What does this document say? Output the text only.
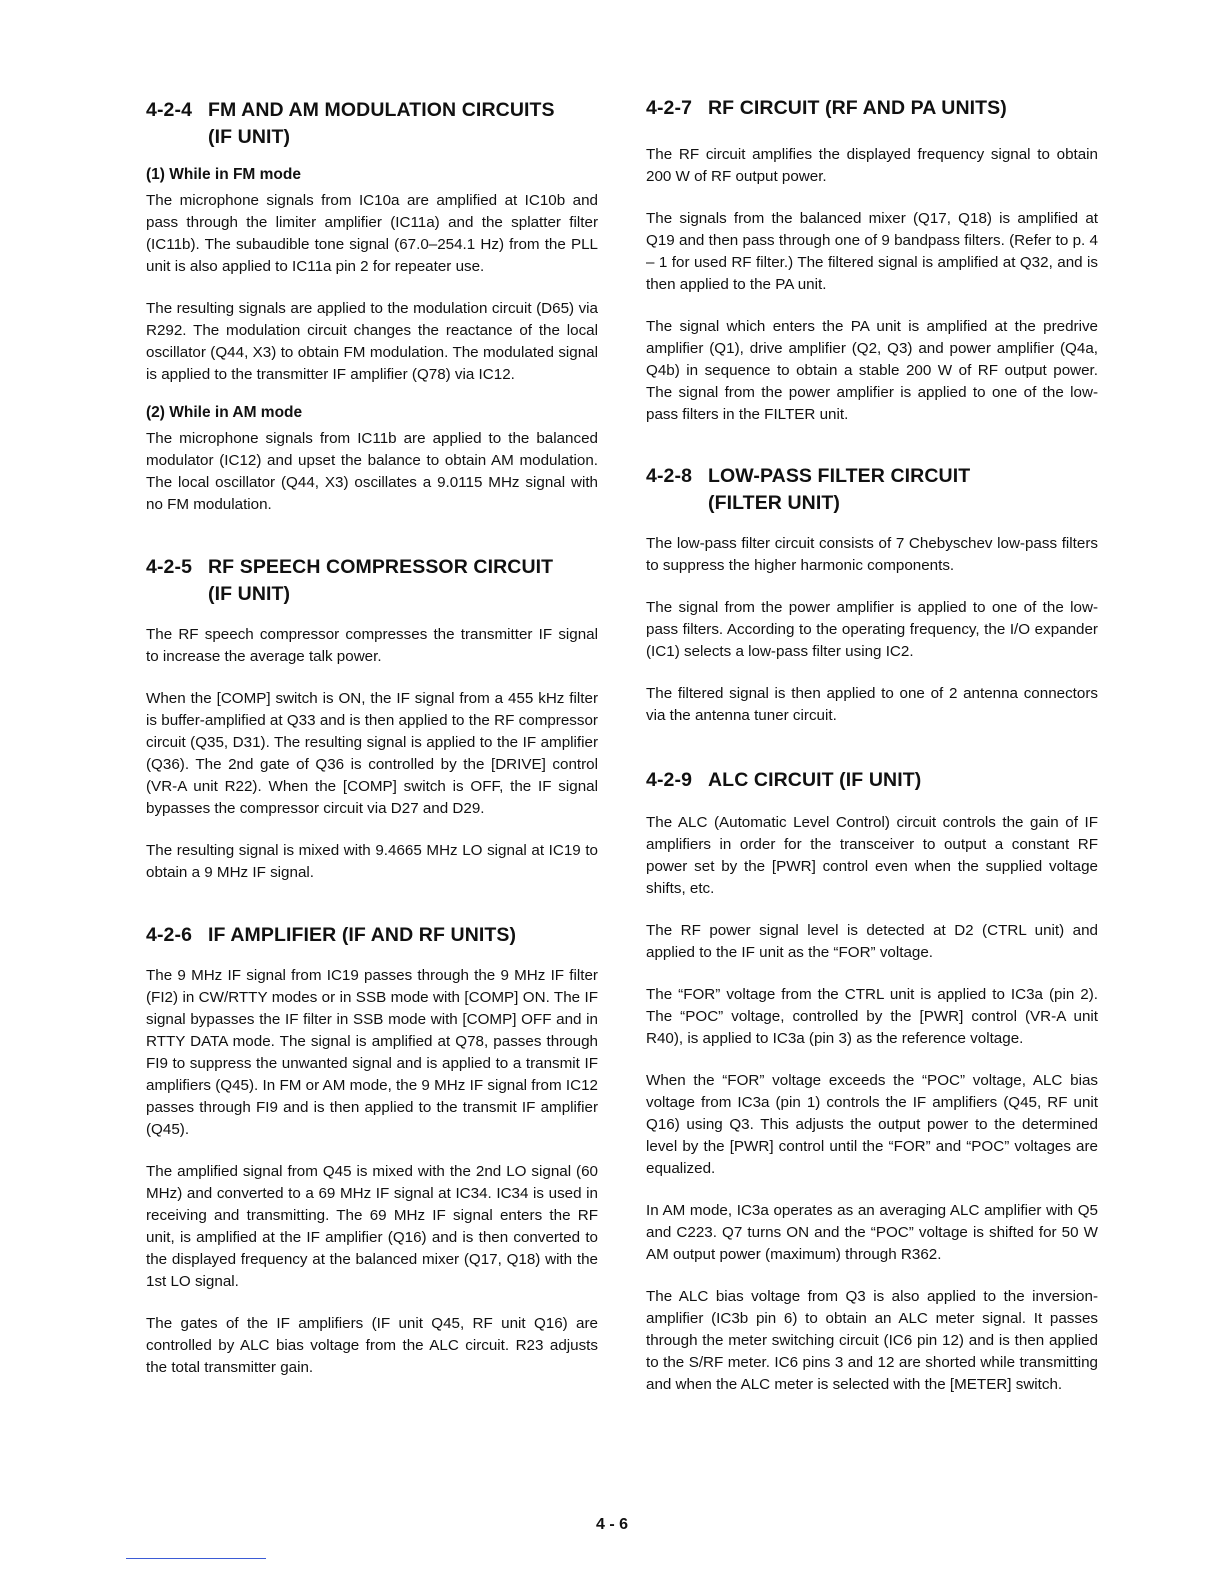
4-2-4 FM AND AM MODULATION CIRCUITS
(IF UNIT)
(1) While in FM mode

The microphone signals from IC10a are amplified at IC10b and pass through the limiter amplifier (IC11a) and the splatter filter (IC11b). The subaudible tone signal (67.0–254.1 Hz) from the PLL unit is also applied to IC11a pin 2 for repeater use.

The resulting signals are applied to the modulation circuit (D65) via R292. The modulation circuit changes the reactance of the local oscillator (Q44, X3) to obtain FM modulation. The modulated signal is applied to the transmitter IF amplifier (Q78) via IC12.

(2) While in AM mode

The microphone signals from IC11b are applied to the balanced modulator (IC12) and upset the balance to obtain AM modulation. The local oscillator (Q44, X3) oscillates a 9.0115 MHz signal with no FM modulation.

4-2-5 RF SPEECH COMPRESSOR CIRCUIT
(IF UNIT)

The RF speech compressor compresses the transmitter IF signal to increase the average talk power.

When the [COMP] switch is ON, the IF signal from a 455 kHz filter is buffer-amplified at Q33 and is then applied to the RF compressor circuit (Q35, D31). The resulting signal is applied to the IF amplifier (Q36). The 2nd gate of Q36 is controlled by the [DRIVE] control (VR-A unit R22). When the [COMP] switch is OFF, the IF signal bypasses the compressor circuit via D27 and D29.

The resulting signal is mixed with 9.4665 MHz LO signal at IC19 to obtain a 9 MHz IF signal.

4-2-6 IF AMPLIFIER (IF AND RF UNITS)

The 9 MHz IF signal from IC19 passes through the 9 MHz IF filter (FI2) in CW/RTTY modes or in SSB mode with [COMP] ON. The IF signal bypasses the IF filter in SSB mode with [COMP] OFF and in RTTY DATA mode. The signal is amplified at Q78, passes through FI9 to suppress the unwanted signal and is applied to a transmit IF amplifiers (Q45). In FM or AM mode, the 9 MHz IF signal from IC12 passes through FI9 and is then applied to the transmit IF amplifier (Q45).

The amplified signal from Q45 is mixed with the 2nd LO signal (60 MHz) and converted to a 69 MHz IF signal at IC34. IC34 is used in receiving and transmitting. The 69 MHz IF signal enters the RF unit, is amplified at the IF amplifier (Q16) and is then converted to the displayed frequency at the balanced mixer (Q17, Q18) with the 1st LO signal.

The gates of the IF amplifiers (IF unit Q45, RF unit Q16) are controlled by ALC bias voltage from the ALC circuit. R23 adjusts the total transmitter gain.

4-2-7 RF CIRCUIT (RF AND PA UNITS)

The RF circuit amplifies the displayed frequency signal to obtain 200 W of RF output power.

The signals from the balanced mixer (Q17, Q18) is amplified at Q19 and then pass through one of 9 bandpass filters. (Refer to p. 4 – 1 for used RF filter.) The filtered signal is amplified at Q32, and is then applied to the PA unit.

The signal which enters the PA unit is amplified at the predrive amplifier (Q1), drive amplifier (Q2, Q3) and power amplifier (Q4a, Q4b) in sequence to obtain a stable 200 W of RF output power. The signal from the power amplifier is applied to one of the low-pass filters in the FILTER unit.

4-2-8 LOW-PASS FILTER CIRCUIT
(FILTER UNIT)

The low-pass filter circuit consists of 7 Chebyschev low-pass filters to suppress the higher harmonic components.

The signal from the power amplifier is applied to one of the low-pass filters. According to the operating frequency, the I/O expander (IC1) selects a low-pass filter using IC2.

The filtered signal is then applied to one of 2 antenna connectors via the antenna tuner circuit.

4-2-9 ALC CIRCUIT (IF UNIT)

The ALC (Automatic Level Control) circuit controls the gain of IF amplifiers in order for the transceiver to output a constant RF power set by the [PWR] control even when the supplied voltage shifts, etc.

The RF power signal level is detected at D2 (CTRL unit) and applied to the IF unit as the “FOR” voltage.

The “FOR” voltage from the CTRL unit is applied to IC3a (pin 2). The “POC” voltage, controlled by the [PWR] control (VR-A unit R40), is applied to IC3a (pin 3) as the reference voltage.

When the “FOR” voltage exceeds the “POC” voltage, ALC bias voltage from IC3a (pin 1) controls the IF amplifiers (Q45, RF unit Q16) using Q3. This adjusts the output power to the determined level by the [PWR] control until the “FOR” and “POC” voltages are equalized.

In AM mode, IC3a operates as an averaging ALC amplifier with Q5 and C223. Q7 turns ON and the “POC” voltage is shifted for 50 W AM output power (maximum) through R362.

The ALC bias voltage from Q3 is also applied to the inversion-amplifier (IC3b pin 6) to obtain an ALC meter signal. It passes through the meter switching circuit (IC6 pin 12) and is then applied to the S/RF meter. IC6 pins 3 and 12 are shorted while transmitting and when the ALC meter is selected with the [METER] switch.

4 - 6
